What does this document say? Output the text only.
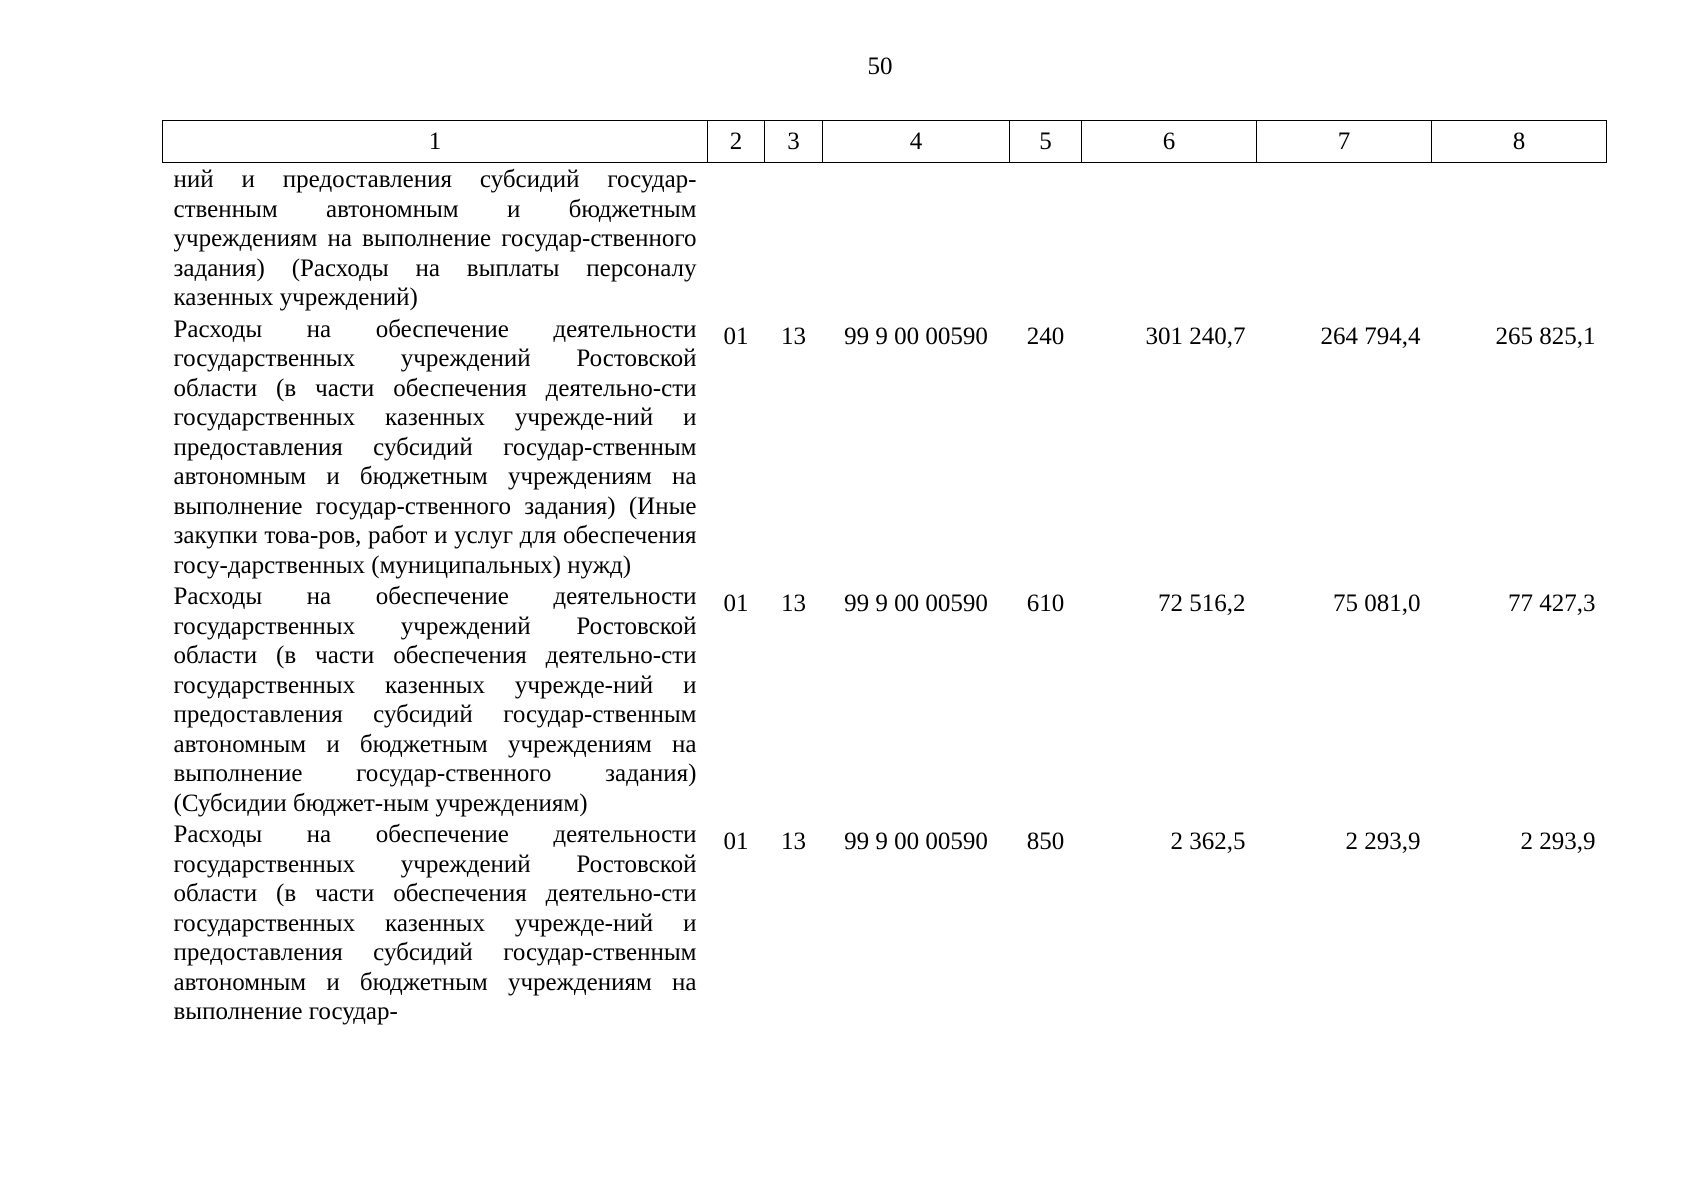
50
1	2	3	4	5	6	7	8
ний и предоставления субсидий государ-ственным автономным и бюджетным учреждениям на выполнение государ-ственного задания) (Расходы на выплаты персоналу казенных учреждений)							
Расходы на обеспечение деятельности государственных учреждений Ростовской области (в части обеспечения деятельно-сти государственных казенных учрежде-ний и предоставления субсидий государ-ственным автономным и бюджетным учреждениям на выполнение государ-ственного задания) (Иные закупки това-ров, работ и услуг для обеспечения госу-дарственных (муниципальных) нужд)	01	13	99 9 00 00590	240	301 240,7	264 794,4	265 825,1
Расходы на обеспечение деятельности государственных учреждений Ростовской области (в части обеспечения деятельно-сти государственных казенных учрежде-ний и предоставления субсидий государ-ственным автономным и бюджетным учреждениям на выполнение государ-ственного задания) (Субсидии бюджет-ным учреждениям)	01	13	99 9 00 00590	610	72 516,2	75 081,0	77 427,3
Расходы на обеспечение деятельности государственных учреждений Ростовской области (в части обеспечения деятельно-сти государственных казенных учрежде-ний и предоставления субсидий государ-ственным автономным и бюджетным учреждениям на выполнение государ-	01	13	99 9 00 00590	850	2 362,5	2 293,9	2 293,9
